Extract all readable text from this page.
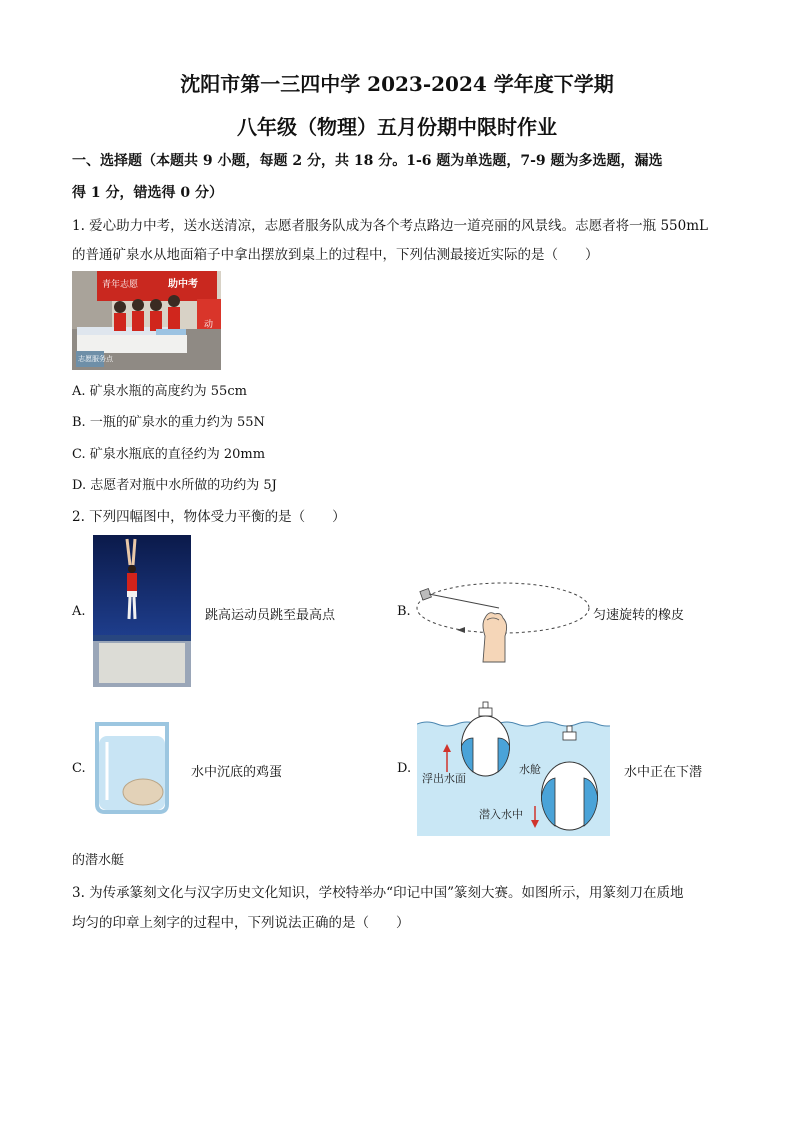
沈阳市第一三四中学 2023-2024 学年度下学期
八年级（物理）五月份期中限时作业
一、选择题（本题共 9 小题，每题 2 分，共 18 分。1-6 题为单选题，7-9 题为多选题，漏选
得 1 分，错选得 0 分）
1. 爱心助力中考，送水送清凉，志愿者服务队成为各个考点路边一道亮丽的风景线。志愿者将一瓶 550mL
的普通矿泉水从地面箱子中拿出摆放到桌上的过程中，下列估测最接近实际的是（　　）
青年志愿	助中考
动
志愿服务点
A. 矿泉水瓶的高度约为 55cm
B. 一瓶的矿泉水的重力约为 55N
C. 矿泉水瓶底的直径约为 20mm
D. 志愿者对瓶中水所做的功约为 5J
2. 下列四幅图中，物体受力平衡的是（　　）
A.	跳高运动员跳至最高点	B.	匀速旋转的橡皮
C.	水中沉底的鸡蛋	D.
浮出水面
水舱
潜入水中
水中正在下潜
的潜水艇
3. 为传承篆刻文化与汉字历史文化知识，学校特举办“印记中国”篆刻大赛。如图所示，用篆刻刀在质地
均匀的印章上刻字的过程中，下列说法正确的是（　　）
